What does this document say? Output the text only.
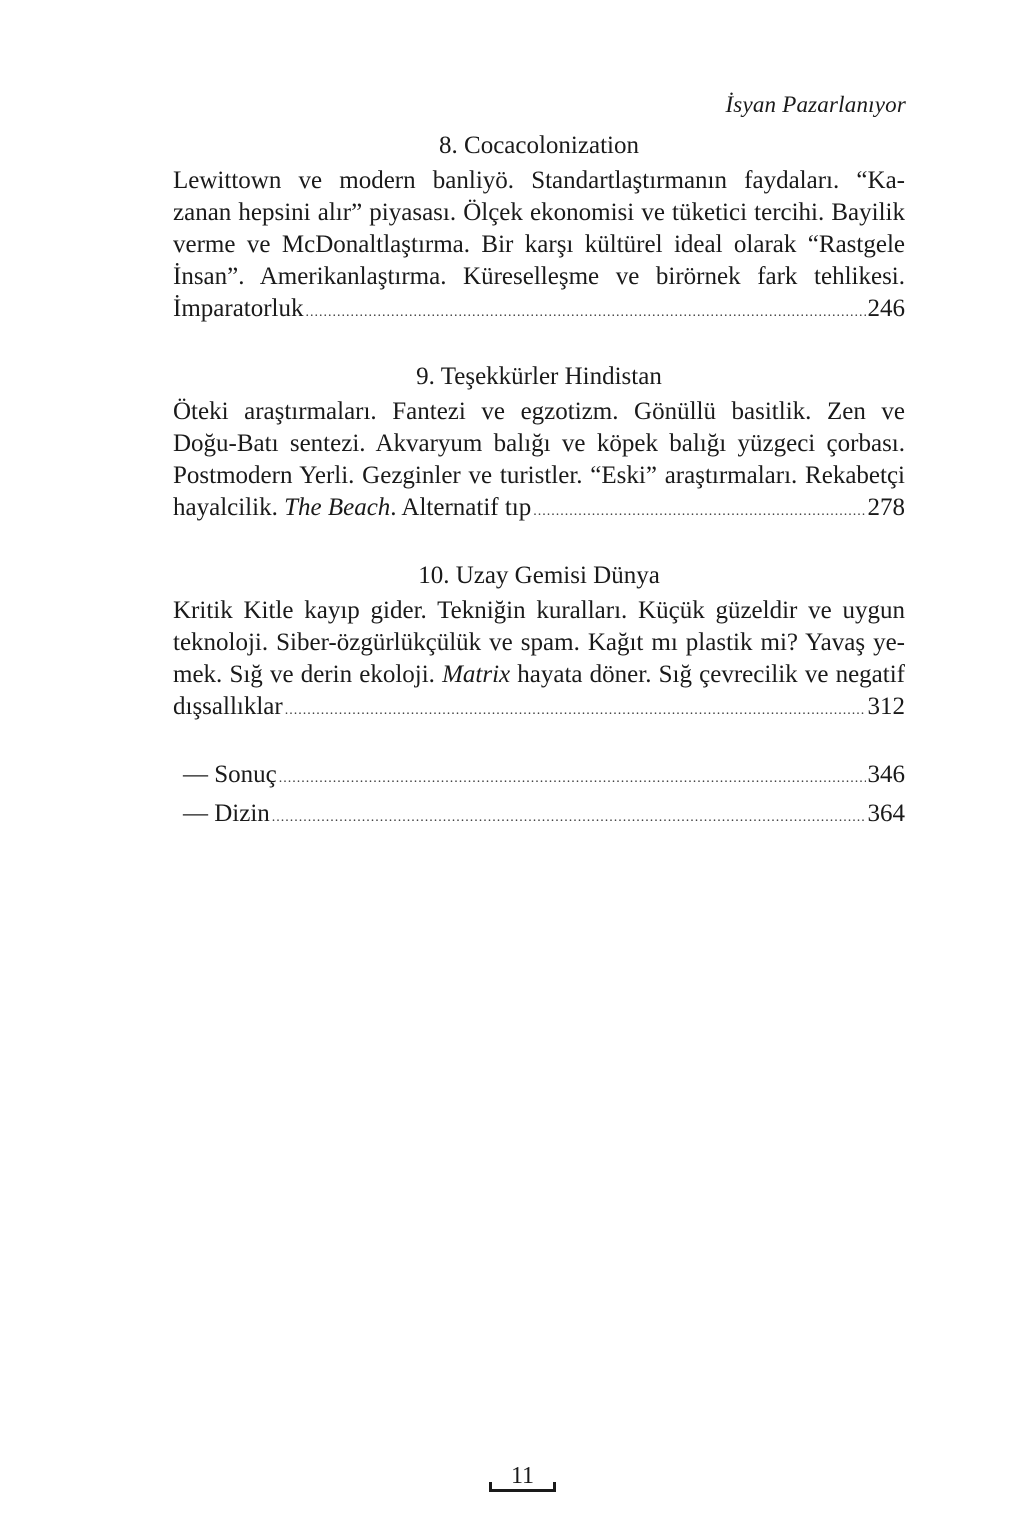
İsyan Pazarlanıyor
8. Cocacolonization
Lewittown ve modern banliyö. Standartlaştırmanın faydaları. “Ka-
zanan hepsini alır” piyasası. Ölçek ekonomisi ve tüketici tercihi. Bayilik
verme ve McDonaltlaştırma. Bir karşı kültürel ideal olarak “Rastgele
İnsan”. Amerikanlaştırma. Küreselleşme ve birörnek fark tehlikesi.
İmparatorluk .....	246
9. Teşekkürler Hindistan
Öteki araştırmaları. Fantezi ve egzotizm. Gönüllü basitlik. Zen ve
Doğu-Batı sentezi. Akvaryum balığı ve köpek balığı yüzgeci çorbası.
Postmodern Yerli. Gezginler ve turistler. “Eski” araştırmaları. Rekabetçi
hayalcilik. The Beach. Alternatif tıp .....	278
10. Uzay Gemisi Dünya
Kritik Kitle kayıp gider. Tekniğin kuralları. Küçük güzeldir ve uygun
teknoloji. Siber-özgürlükçülük ve spam. Kağıt mı plastik mi? Yavaş ye-
mek. Sığ ve derin ekoloji. Matrix hayata döner. Sığ çevrecilik ve negatif
dışsallıklar .....	312
— Sonuç .....	346
— Dizin .....	364
11
